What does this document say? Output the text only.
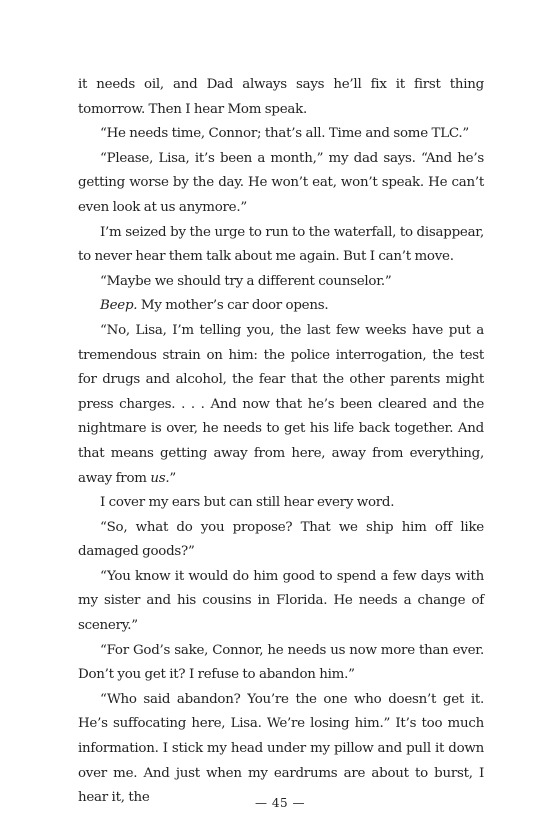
it needs oil, and Dad always says he’ll fix it first thing tomorrow. Then I hear Mom speak.

“He needs time, Connor; that’s all. Time and some TLC.”

“Please, Lisa, it’s been a month,” my dad says. “And he’s getting worse by the day. He won’t eat, won’t speak. He can’t even look at us anymore.”

I’m seized by the urge to run to the waterfall, to disappear, to never hear them talk about me again. But I can’t move.

“Maybe we should try a different counselor.”

Beep. My mother’s car door opens.

“No, Lisa, I’m telling you, the last few weeks have put a tremendous strain on him: the police interrogation, the test for drugs and alcohol, the fear that the other parents might press charges. . . . And now that he’s been cleared and the nightmare is over, he needs to get his life back together. And that means getting away from here, away from everything, away from us.”

I cover my ears but can still hear every word.

“So, what do you propose? That we ship him off like damaged goods?”

“You know it would do him good to spend a few days with my sister and his cousins in Florida. He needs a change of scenery.”

“For God’s sake, Connor, he needs us now more than ever. Don’t you get it? I refuse to abandon him.”

“Who said abandon? You’re the one who doesn’t get it. He’s suffocating here, Lisa. We’re losing him.” It’s too much information. I stick my head under my pillow and pull it down over me. And just when my eardrums are about to burst, I hear it, the	— 45 —
